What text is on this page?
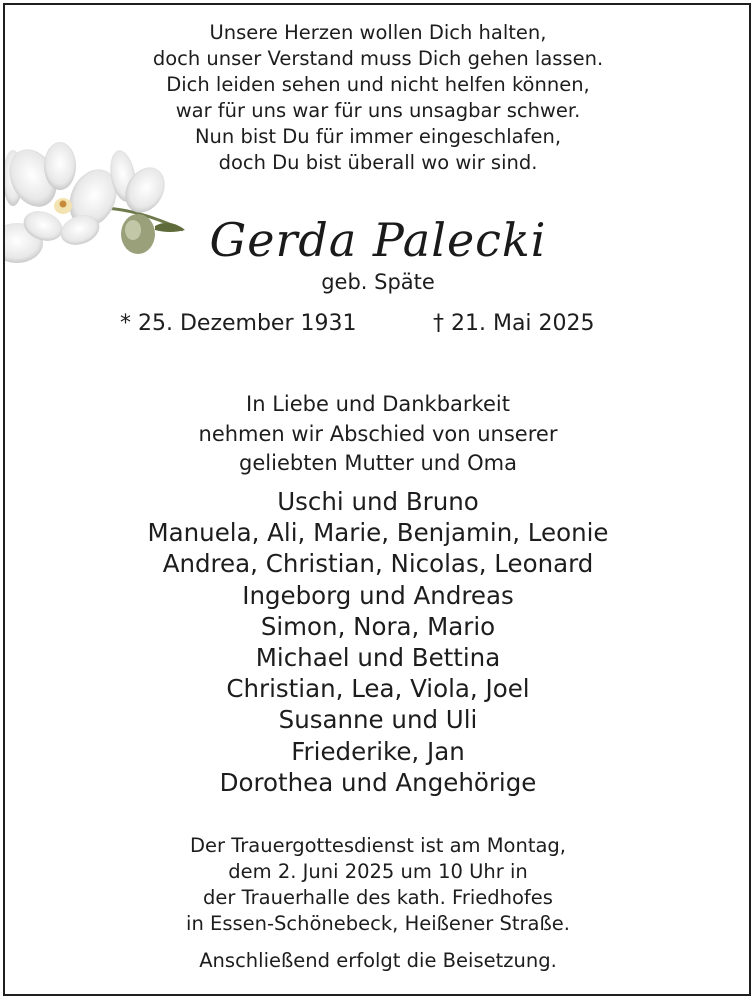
Unsere Herzen wollen Dich halten,
doch unser Verstand muss Dich gehen lassen.
Dich leiden sehen und nicht helfen können,
war für uns war für uns unsagbar schwer.
Nun bist Du für immer eingeschlafen,
doch Du bist überall wo wir sind.
Gerda Palecki
geb. Späte
* 25. Dezember 1931	† 21. Mai 2025
In Liebe und Dankbarkeit
nehmen wir Abschied von unserer
geliebten Mutter und Oma
Uschi und Bruno
Manuela, Ali, Marie, Benjamin, Leonie
Andrea, Christian, Nicolas, Leonard
Ingeborg und Andreas
Simon, Nora, Mario
Michael und Bettina
Christian, Lea, Viola, Joel
Susanne und Uli
Friederike, Jan
Dorothea und Angehörige
Der Trauergottesdienst ist am Montag,
dem 2. Juni 2025 um 10 Uhr in
der Trauerhalle des kath. Friedhofes
in Essen-Schönebeck, Heißener Straße.
Anschließend erfolgt die Beisetzung.
